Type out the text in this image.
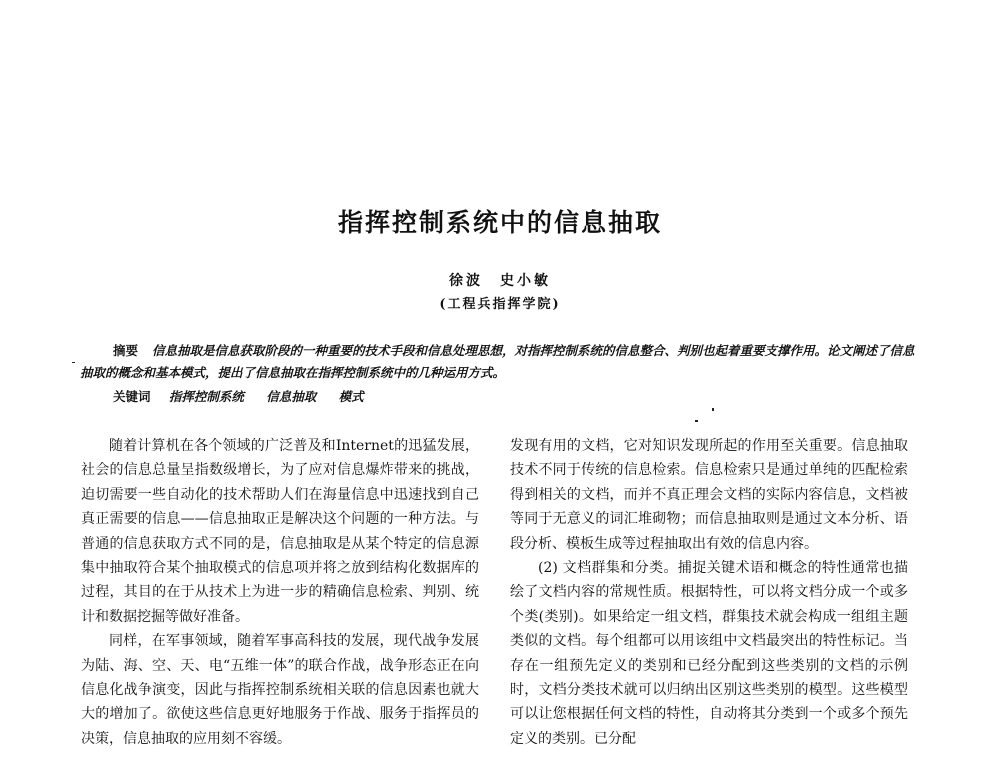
指挥控制系统中的信息抽取
徐波　史小敏
(工程兵指挥学院)
摘要 信息抽取是信息获取阶段的一种重要的技术手段和信息处理思想，对指挥控制系统的信息整合、判别也起着重要支撑作用。论文阐述了信息抽取的概念和基本模式，提出了信息抽取在指挥控制系统中的几种运用方式。
关键词 指挥控制系统 信息抽取 模式

随着计算机在各个领域的广泛普及和Internet的迅猛发展，社会的信息总量呈指数级增长，为了应对信息爆炸带来的挑战，迫切需要一些自动化的技术帮助人们在海量信息中迅速找到自己真正需要的信息——信息抽取正是解决这个问题的一种方法。与普通的信息获取方式不同的是，信息抽取是从某个特定的信息源集中抽取符合某个抽取模式的信息项并将之放到结构化数据库的过程，其目的在于从技术上为进一步的精确信息检索、判别、统计和数据挖掘等做好准备。

同样，在军事领域，随着军事高科技的发展，现代战争发展为陆、海、空、天、电“五维一体”的联合作战，战争形态正在向信息化战争演变，因此与指挥控制系统相关联的信息因素也就大大的增加了。欲使这些信息更好地服务于作战、服务于指挥员的决策，信息抽取的应用刻不容缓。

发现有用的文档，它对知识发现所起的作用至关重要。信息抽取技术不同于传统的信息检索。信息检索只是通过单纯的匹配检索得到相关的文档，而并不真正理会文档的实际内容信息，文档被等同于无意义的词汇堆砌物；而信息抽取则是通过文本分析、语段分析、模板生成等过程抽取出有效的信息内容。

(2) 文档群集和分类。捕捉关键术语和概念的特性通常也描绘了文档内容的常规性质。根据特性，可以将文档分成一个或多个类(类别)。如果给定一组文档，群集技术就会构成一组组主题类似的文档。每个组都可以用该组中文档最突出的特性标记。当存在一组预先定义的类别和已经分配到这些类别的文档的示例时，文档分类技术就可以归纳出区别这些类别的模型。这些模型可以让您根据任何文档的特性，自动将其分类到一个或多个预先定义的类别。已分配
